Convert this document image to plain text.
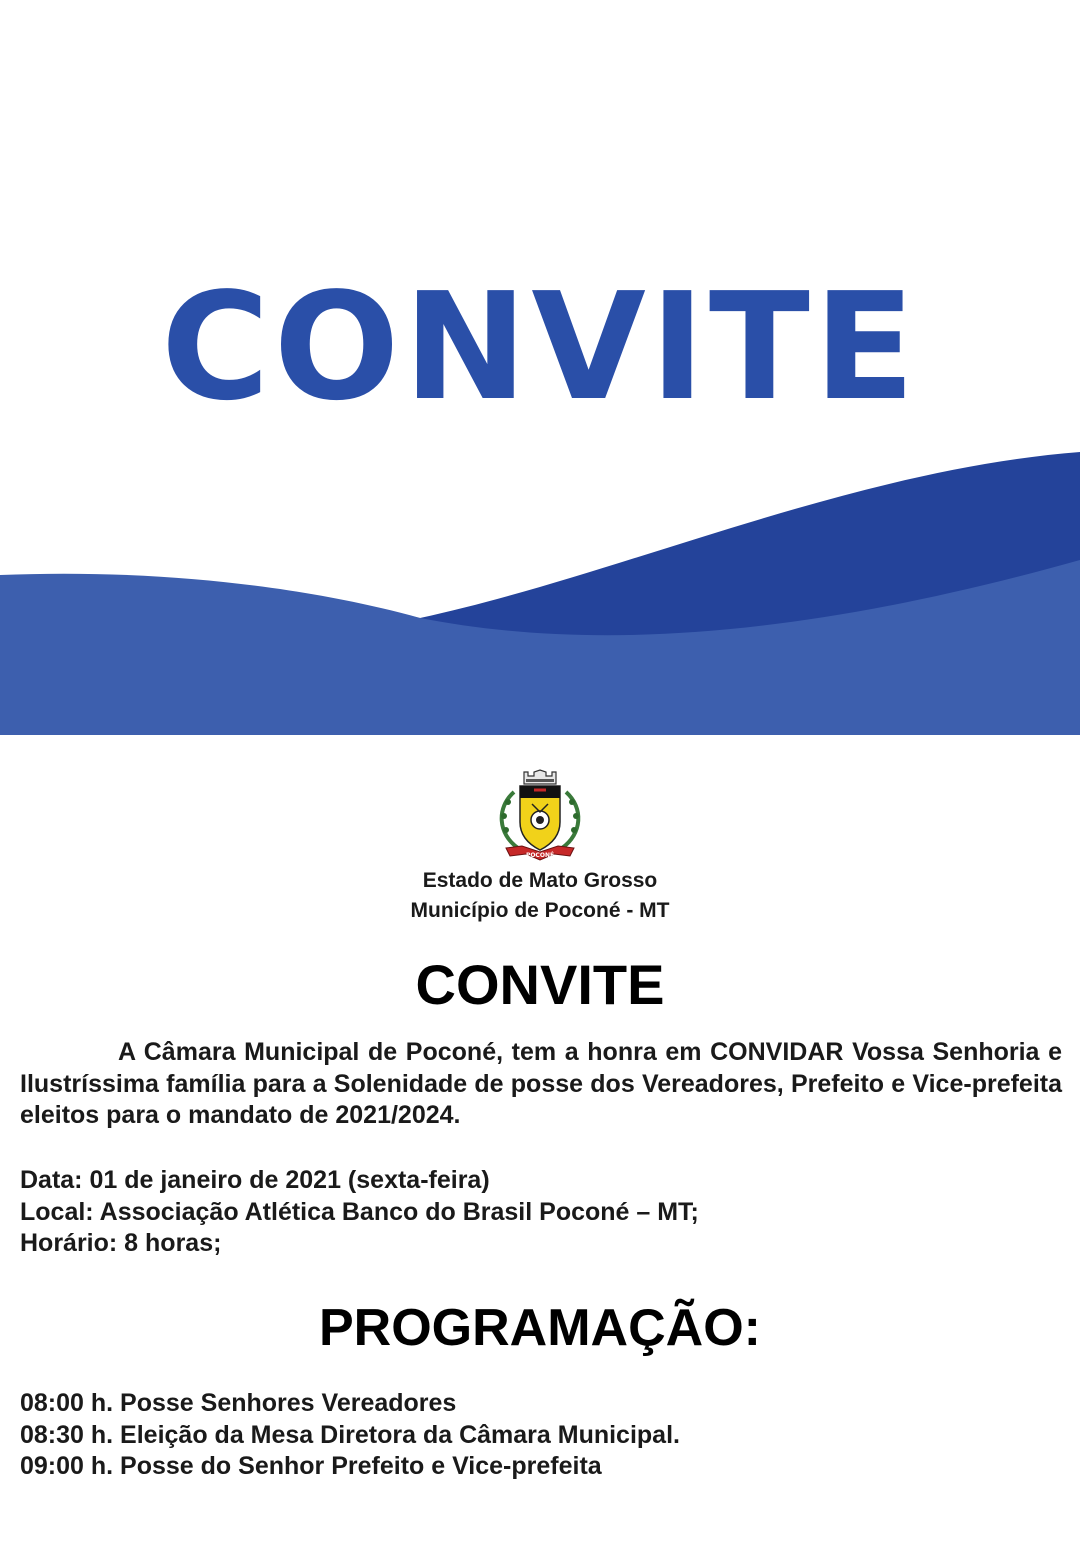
CONVITE
POCONÉ
Estado de Mato Grosso
Município de Poconé - MT
CONVITE

A Câmara Municipal de Poconé, tem a honra em CONVIDAR Vossa Senhoria e Ilustríssima família para a Solenidade de posse dos Vereadores, Prefeito e Vice-prefeita eleitos para o mandato de 2021/2024.

Data: 01 de janeiro de 2021 (sexta-feira)
Local: Associação Atlética Banco do Brasil Poconé – MT;
Horário: 8 horas;
PROGRAMAÇÃO:
08:00 h. Posse Senhores Vereadores
08:30 h. Eleição da Mesa Diretora da Câmara Municipal.
09:00 h. Posse do Senhor Prefeito e Vice-prefeita
